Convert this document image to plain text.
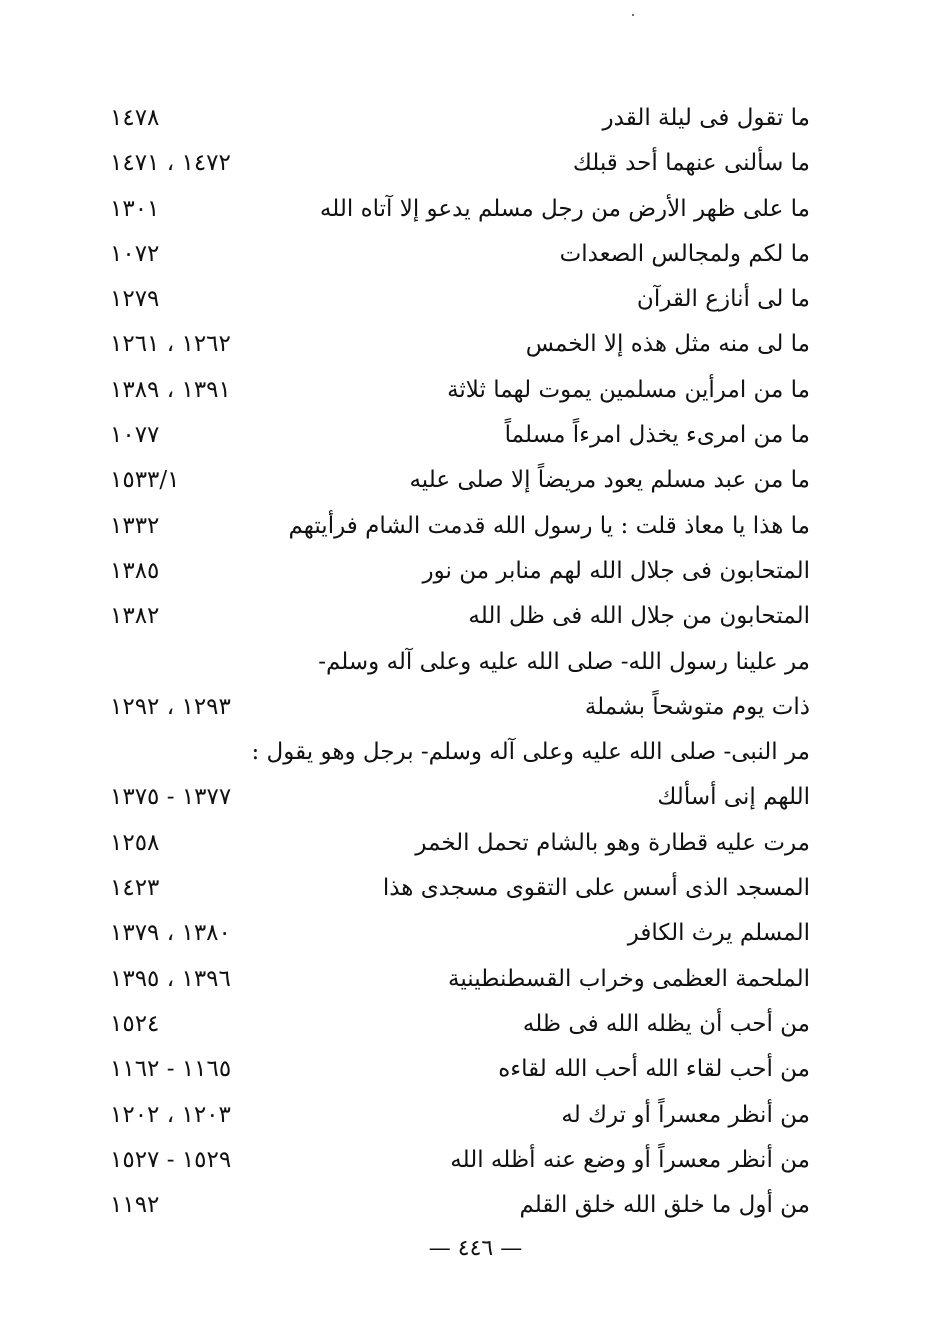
ما تقول فى ليلة القدر
١٤٧٨
ما سألنى عنهما أحد قبلك
١٤٧٢ ، ١٤٧١
ما على ظهر الأرض من رجل مسلم يدعو إلا آتاه الله
١٣٠١
ما لكم ولمجالس الصعدات
١٠٧٢
ما لى أنازع القرآن
١٢٧٩
ما لى منه مثل هذه إلا الخمس
١٢٦٢ ، ١٢٦١
ما من امرأين مسلمين يموت لهما ثلاثة
١٣٩١ ، ١٣٨٩
ما من امرىء يخذل امرءاً مسلماً
١٠٧٧
ما من عبد مسلم يعود مريضاً إلا صلى عليه
١٥٣٣/١
ما هذا يا معاذ قلت : يا رسول الله قدمت الشام فرأيتهم
١٣٣٢
المتحابون فى جلال الله لهم منابر من نور
١٣٨٥
المتحابون من جلال الله فى ظل الله
١٣٨٢
مر علينا رسول الله- صلى الله عليه وعلى آله وسلم-
ذات يوم متوشحاً بشملة
١٢٩٣ ، ١٢٩٢
مر النبى- صلى الله عليه وعلى آله وسلم- برجل وهو يقول :
اللهم إنى أسألك
١٣٧٧ - ١٣٧٥
مرت عليه قطارة وهو بالشام تحمل الخمر
١٢٥٨
المسجد الذى أسس على التقوى مسجدى هذا
١٤٢٣
المسلم يرث الكافر
١٣٨٠ ، ١٣٧٩
الملحمة العظمى وخراب القسطنطينية
١٣٩٦ ، ١٣٩٥
من أحب أن يظله الله فى ظله
١٥٢٤
من أحب لقاء الله أحب الله لقاءه
١١٦٥ - ١١٦٢
من أنظر معسراً أو ترك له
١٢٠٣ ، ١٢٠٢
من أنظر معسراً أو وضع عنه أظله الله
١٥٢٩ - ١٥٢٧
من أول ما خلق الله خلق القلم
١١٩٢
— ٤٤٦ —
